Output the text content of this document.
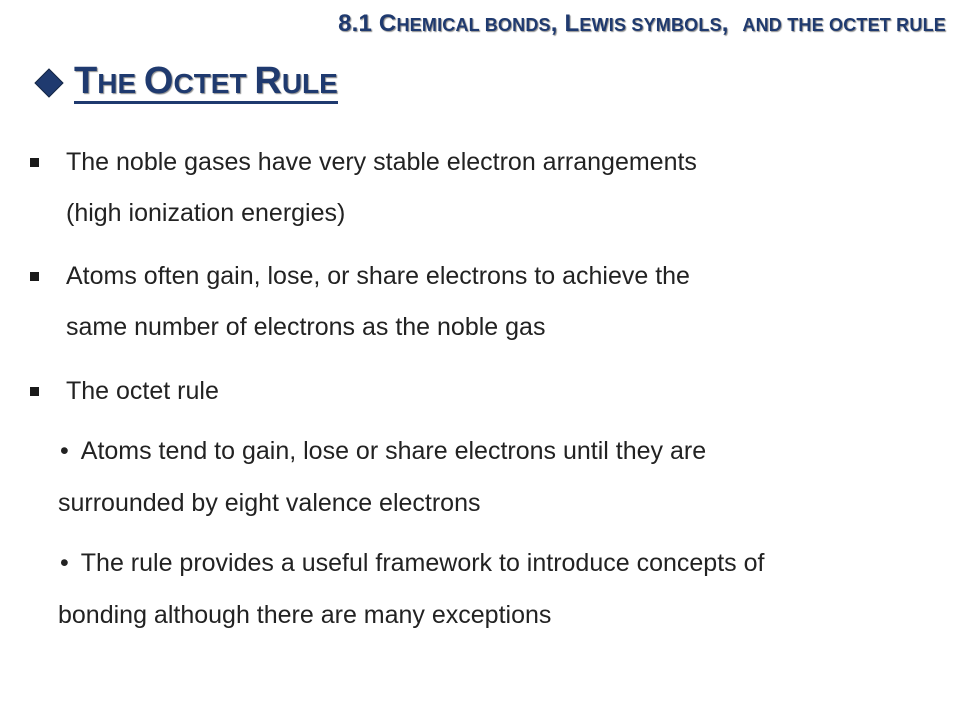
8.1 CHEMICAL BONDS, LEWIS SYMBOLS,  AND THE OCTET RULE
THE OCTET RULE
The noble gases have very stable electron arrangements
(high ionization energies)
Atoms often gain, lose, or share electrons to achieve the
same number of electrons as the noble gas
The octet rule
• Atoms tend to gain, lose or share electrons until they are
surrounded by eight valence electrons
• The rule provides a useful framework to introduce concepts of
bonding although there are many exceptions
